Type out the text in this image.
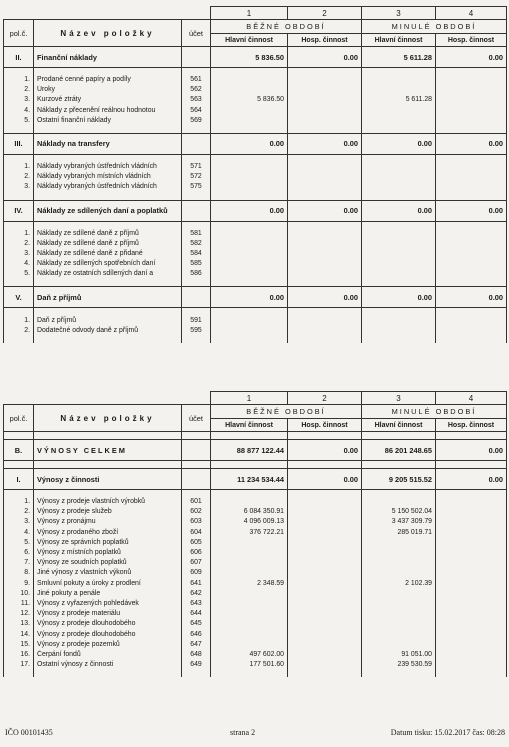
			1	2	3	4
pol.č.	Název položky	účet	BĚŽNÉ OBDOBÍ		MINULÉ OBDOBÍ	
			Hlavní činnost	Hosp. činnost	Hlavní činnost	Hosp. činnost
II.	Finanční náklady		5 836.50	0.00	5 611.28	0.00

1.	Prodané cenné papíry a podíly	561				
2.	Úroky	562				
3.	Kurzové ztráty	563	5 836.50		5 611.28	
4.	Náklady z přecenění reálnou hodnotou	564				
5.	Ostatní finanční náklady	569				

III.	Náklady na transfery		0.00	0.00	0.00	0.00

1.	Náklady vybraných ústředních vládních	571				
2.	Náklady vybraných místních vládních	572				
3.	Náklady vybraných ústředních vládních	575				

IV.	Náklady ze sdílených daní a poplatků		0.00	0.00	0.00	0.00

1.	Náklady ze sdílené daně z příjmů	581				
2.	Náklady ze sdílené daně z příjmů	582				
3.	Náklady ze sdílené daně z přidané	584				
4.	Náklady ze sdílených spotřebních daní	585				
5.	Náklady ze ostatních sdílených daní a	586				

V.	Daň z příjmů		0.00	0.00	0.00	0.00

1.	Daň z příjmů	591				
2.	Dodatečné odvody daně z příjmů	595				

			1	2	3	4
pol.č.	Název položky	účet	BĚŽNÉ OBDOBÍ		MINULÉ OBDOBÍ	
			Hlavní činnost	Hosp. činnost	Hlavní činnost	Hosp. činnost

B.	VÝNOSY CELKEM		88 877 122.44	0.00	86 201 248.65	0.00

I.	Výnosy z činnosti		11 234 534.44	0.00	9 205 515.52	0.00

1.	Výnosy z prodeje vlastních výrobků	601				
2.	Výnosy z prodeje služeb	602	6 084 350.91		5 150 502.04	
3.	Výnosy z pronájmu	603	4 096 009.13		3 437 309.79	
4.	Výnosy z prodaného zboží	604	376 722.21		285 019.71	
5.	Výnosy ze správních poplatků	605				
6.	Výnosy z místních poplatků	606				
7.	Výnosy ze soudních poplatků	607				
8.	Jiné výnosy z vlastních výkonů	609				
9.	Smluvní pokuty a úroky z prodlení	641	2 348.59		2 102.39	
10.	Jiné pokuty a penále	642				
11.	Výnosy z vyřazených pohledávek	643				
12.	Výnosy z prodeje materiálu	644				
13.	Výnosy z prodeje dlouhodobého	645				
14.	Výnosy z prodeje dlouhodobého	646				
15.	Výnosy z prodeje pozemků	647				
16.	Čerpání fondů	648	497 602.00		91 051.00	
17.	Ostatní výnosy z činnosti	649	177 501.60		239 530.59	

IČO 00101435	strana 2	Datum tisku: 15.02.2017 čas: 08:28
